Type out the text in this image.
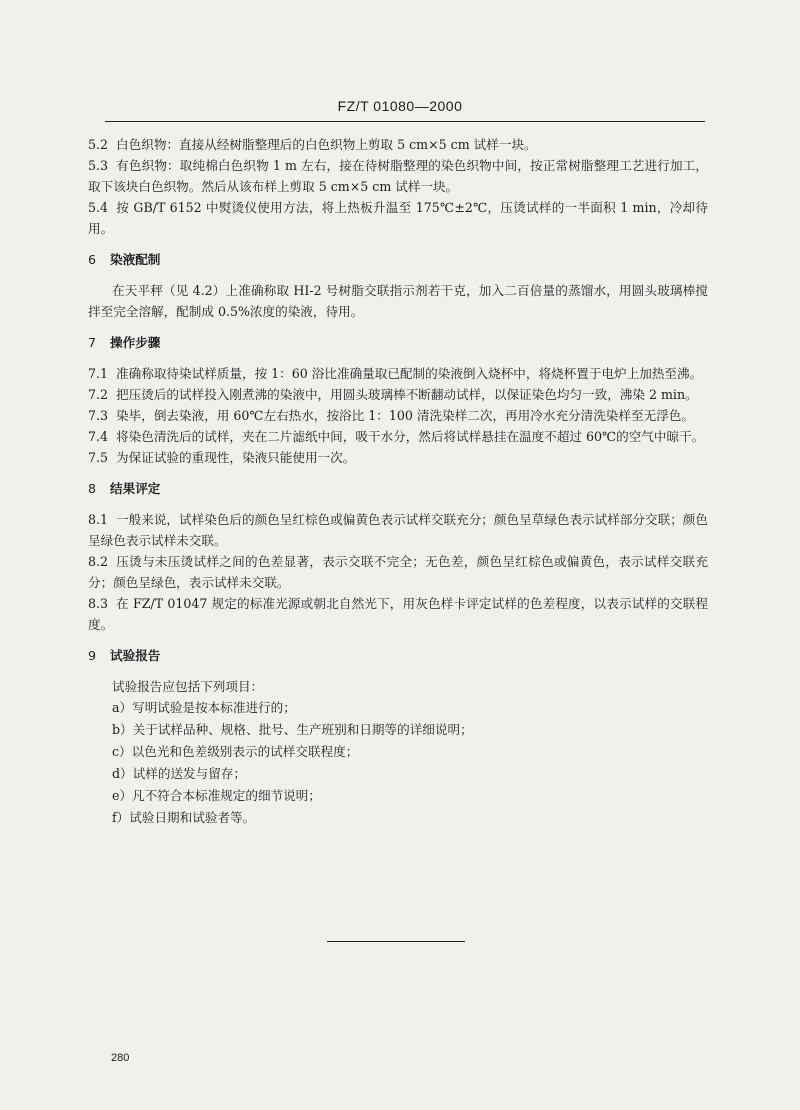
FZ/T 01080—2000

5.2 白色织物：直接从经树脂整理后的白色织物上剪取 5 cm×5 cm 试样一块。

5.3 有色织物：取纯棉白色织物 1 m 左右，接在待树脂整理的染色织物中间，按正常树脂整理工艺进行加工，取下该块白色织物。然后从该布样上剪取 5 cm×5 cm 试样一块。

5.4 按 GB/T 6152 中熨烫仪使用方法，将上热板升温至 175℃±2℃，压烫试样的一半面积 1 min，冷却待用。

6 染液配制

在天平秤（见 4.2）上准确称取 HI-2 号树脂交联指示剂若干克，加入二百倍量的蒸馏水，用圆头玻璃棒搅拌至完全溶解，配制成 0.5%浓度的染液，待用。

7 操作步骤

7.1 准确称取待染试样质量，按 1：60 浴比准确量取已配制的染液倒入烧杯中，将烧杯置于电炉上加热至沸。

7.2 把压烫后的试样投入刚煮沸的染液中，用圆头玻璃棒不断翻动试样，以保证染色均匀一致，沸染 2 min。

7.3 染毕，倒去染液，用 60℃左右热水，按浴比 1：100 清洗染样二次，再用冷水充分清洗染样至无浮色。

7.4 将染色清洗后的试样，夹在二片滤纸中间，吸干水分，然后将试样悬挂在温度不超过 60℃的空气中晾干。

7.5 为保证试验的重现性，染液只能使用一次。

8 结果评定

8.1 一般来说，试样染色后的颜色呈红棕色或偏黄色表示试样交联充分；颜色呈草绿色表示试样部分交联；颜色呈绿色表示试样未交联。

8.2 压烫与未压烫试样之间的色差显著，表示交联不完全；无色差，颜色呈红棕色或偏黄色，表示试样交联充分；颜色呈绿色，表示试样未交联。

8.3 在 FZ/T 01047 规定的标准光源或朝北自然光下，用灰色样卡评定试样的色差程度，以表示试样的交联程度。

9 试验报告

试验报告应包括下列项目：

a）写明试验是按本标准进行的；

b）关于试样品种、规格、批号、生产班别和日期等的详细说明；

c）以色光和色差级别表示的试样交联程度；

d）试样的送发与留存；

e）凡不符合本标准规定的细节说明；

f）试验日期和试验者等。

280
